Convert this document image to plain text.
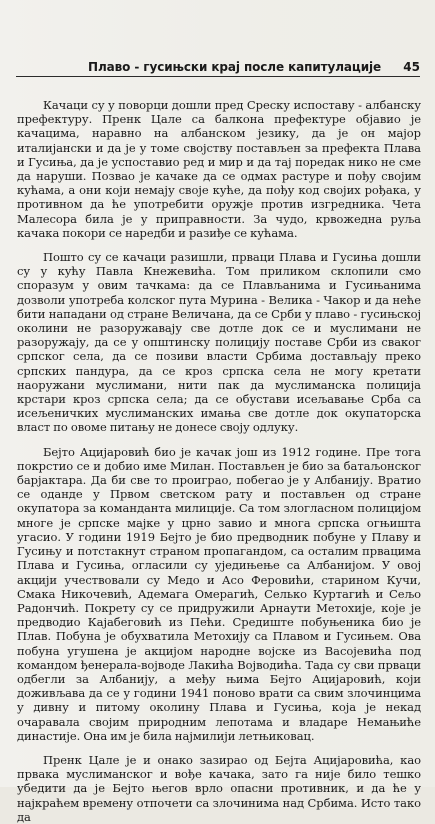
Плаво - гусињски крај после капитулације 45

Качаци су у поворци дошли пред Среску испоставу - албанску префектуру. Пренк Цале са балкона префектуре објавио је качацима, наравно на албанском језику, да је он мајор италијански и да је у томе својству постављен за префекта Плава и Гусиња, да је успоставио ред и мир и да тај поредак нико не сме да наруши. Позвао је качаке да се одмах растуре и пођу својим кућама, а они који немају своје куће, да пођу код својих рођака, у противном да ће употребити оружје против изгредника. Чета Малесора била је у приправности. За чудо, крвожедна руља качака покори се наредби и разиђе се кућама.

Пошто су се качаци разишли, прваци Плава и Гусиња дошли су у кућу Павла Кнежевића. Том приликом склопили смо споразум у овим тачкама: да се Плављанима и Гусињанима дозволи употреба колског пута Мурина - Велика - Чакор и да неће бити нападани од стране Величана, да се Срби у плаво - гусињској околини не разоружавају све дотле док се и муслимани не разоружају, да се у општинску полицију поставе Срби из сваког српског села, да се позиви власти Србима достављају преко српских пандура, да се кроз српска села не могу кретати наоружани муслимани, нити пак да муслиманска полиција крстари кроз српска села; да се обустави исељавање Срба са исељеничких муслиманских имања све дотле док окупаторска власт по овоме питању не донесе своју одлуку.

Бејто Ацијаровић био је качак још из 1912 године. Пре тога покрстио се и добио име Милан. Постављен је био за батаљонског барјактара. Да би све то проиграо, побегао је у Албанију. Вратио се оданде у Првом светском рату и постављен од стране окупатора за команданта милиције. Са том злогласном полицијом многе је српске мајке у црно завио и многа српска огњишта угасио. У години 1919 Бејто је био предводник побуне у Плаву и Гусињу и потстакнут страном пропагандом, са осталим првацима Плава и Гусиња, огласили су уједињење са Албанијом. У овој акцији учествовали су Медо и Асо Феровићи, старином Кучи, Смака Никочевић, Адемага Омерагић, Селько Куртагић и Сељо Радончић. Покрету су се придружили Арнаути Метохије, које је предводио Кајабеговић из Пећи. Средиште побуњеника био је Плав. Побуна је обухватила Метохију са Плавом и Гусињем. Ова побуна угушена је акцијом народне војске из Васојевића под командом ђенерала-војводе Лакића Војводића. Тада су сви прваци одбегли за Албанију, а међу њима Бејто Ацијаровић, који доживљава да се у години 1941 поново врати са свим злочинцима у дивну и питому околину Плава и Гусиња, која је некад очаравала својим природним лепотама и владаре Немањиће династије. Она им је била најмилији летњиковац.

Пренк Цале је и онако зазирао од Бејта Ацијаровића, као првака муслиманског и вође качака, зато га није било тешко убедити да је Бејто његов врло опасни противник, и да ће у најкраћем времену отпочети са злочинима над Србима. Исто тако да
